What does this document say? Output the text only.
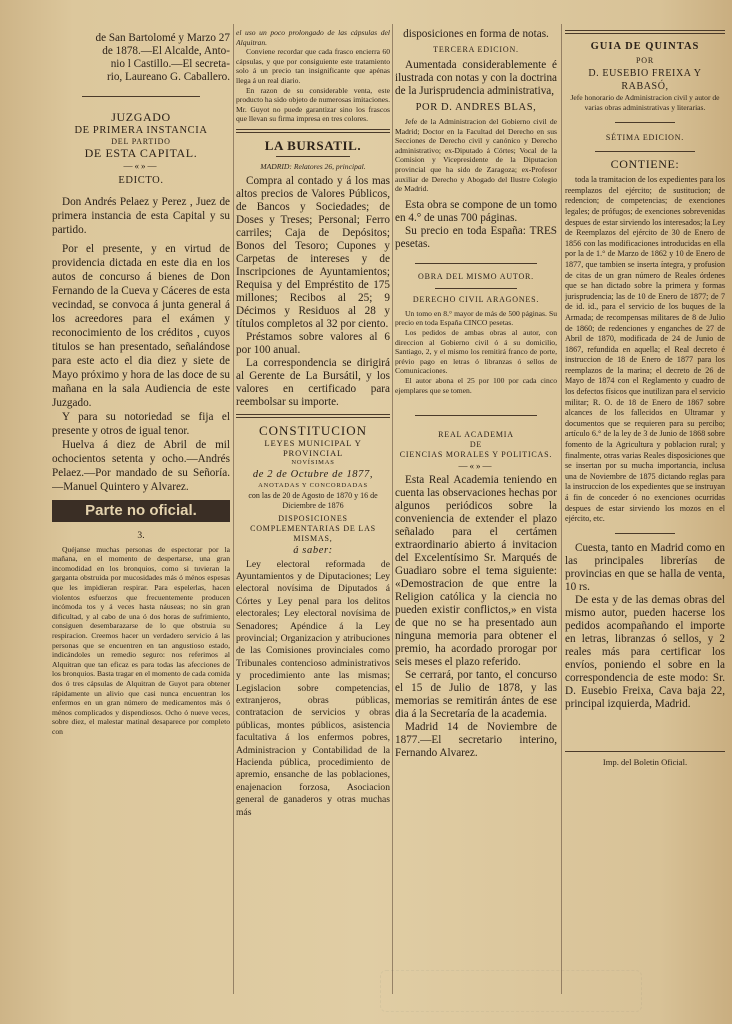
de San Bartolomé y Marzo 27

de 1878.—El Alcalde, Anto-

nio l Castillo.—El secreta-

rio, Laureano G. Caballero.

JUZGADO
DE PRIMERA INSTANCIA
DEL PARTIDO
DE ESTA CAPITAL.
—«»—
EDICTO.

Don Andrés Pelaez y Perez , Juez de primera instancia de esta Capital y su partido.

Por el presente, y en virtud de providencia dictada en este dia en los autos de concurso á bienes de Don Fernando de la Cueva y Cáceres de esta vecindad, se convoca á junta general á los acreedores para el exámen y reconocimiento de los créditos , cuyos titulos se han presentado, señalándose para este acto el dia diez y siete de Mayo próximo y hora de las doce de su mañana en la sala Audiencia de este Juzgado.

Y para su notoriedad se fija el presente y otros de igual tenor.

Huelva á diez de Abril de mil ochocientos setenta y ocho.—Andrés Pelaez.—Por mandado de su Señoría.—Manuel Quintero y Alvarez.

Parte no oficial.
3.

Quéjanse muchas personas de espectorar por la mañana, en el momento de despertarse, una gran incomodidad en los bronquios, como si tuvieran la garganta obstruida por mucosidades más ó ménos espesas que les impidieran respirar. Para espelerlas, hacen violentos esfuerzos que frecuentemente producen incómoda tos y á veces hasta náuseas; no sin gran dificultad, y al cabo de una ó dos horas de sufrimiento, consiguen desembarazarse de lo que obstruia su respiracion. Creemos hacer un verdadero servicio á las personas que se encuentren en tan angustioso estado, indicándoles un remedio seguro: nos referimos al Alquitran que tan eficaz es para todas las afecciones de los bronquios. Basta tragar en el momento de cada comida dos ó tres cápsulas de Alquitran de Guyot para obtener rápidamente un alivio que casi nunca encuentran los enfermos en un gran número de medicamentos más ó ménos complicados y dispendiosos. Ocho ó nueve veces, sobre diez, el malestar matinal desaparece por completo con

el uso un poco prolongado de las cápsulas del Alquitran.

Conviene recordar que cada frasco encierra 60 cápsulas, y que por consiguiente este tratamiento solo á un precio tan insignificante que apénas llega á un real diario.

En razon de su considerable venta, este producto ha sido objeto de numerosas imitaciones. Mr. Guyot no puede garantizar sino los frascos que llevan su firma impresa en tres colores.

LA BURSATIL.

MADRID: Relatores 26, principal.

Compra al contado y á los mas altos precios de Valores Públicos, de Bancos y Sociedades; de Doses y Treses; Personal; Ferro carriles; Caja de Depósitos; Bonos del Tesoro; Cupones y Carpetas de intereses y de Inscripciones de Ayuntamientos; Requisa y del Empréstito de 175 millones; Recibos al 25; 9 Décimos y Residuos al 28 y títulos completos al 32 por ciento.

Préstamos sobre valores al 6 por 100 anual.

La correspondencia se dirigirá al Gerente de La Bursátil, y los valores en certificado para reembolsar su importe.

CONSTITUCION
LEYES MUNICIPAL Y PROVINCIAL
NOVÍSIMAS
de 2 de Octubre de 1877,
ANOTADAS Y CONCORDADAS
con las de 20 de Agosto de 1870 y 16 de Diciembre de 1876
DISPOSICIONES COMPLEMENTARIAS DE LAS MISMAS,
á saber:

Ley electoral reformada de Ayuntamientos y de Diputaciones; Ley electoral novísima de Diputados á Córtes y Ley penal para los delitos electorales; Ley electoral novísima de Senadores; Apéndice á la Ley provincial; Organizacion y atribuciones de las Comisiones provinciales como Tribunales contencioso administrativos y procedimiento ante las mismas; Legislacion sobre competencias, extranjeros, obras públicas, contratacion de servicios y obras públicas, montes públicos, asistencia facultativa á los enfermos pobres, Administracion y Contabilidad de la Hacienda pública, procedimiento de apremio, ensanche de las poblaciones, enajenacion forzosa, Asociacion general de ganaderos y otras muchas más

disposiciones en forma de notas.

TERCERA EDICION.

Aumentada considerablemente é ilustrada con notas y con la doctrina de la Jurisprudencia administrativa,

POR D. ANDRES BLAS,

Jefe de la Administracion del Gobierno civil de Madrid; Doctor en la Facultad del Derecho en sus Secciones de Derecho civil y canónico y Derecho administrativo; ex-Diputado á Córtes; Vocal de la Comision y Vicepresidente de la Diputacion provincial que ha sido de Zaragoza; ex-Profesor auxiliar de Derecho y Abogado del Ilustre Colegio de Madrid.

Esta obra se compone de un tomo en 4.° de unas 700 páginas.

Su precio en toda España: TRES pesetas.

OBRA DEL MISMO AUTOR.
DERECHO CIVIL ARAGONES.

Un tomo en 8.° mayor de más de 500 páginas. Su precio en toda España CINCO pesetas.

Los pedidos de ambas obras al autor, con direccion al Gobierno civil ó á su domicilio, Santiago, 2, y el mismo los remitirá franco de porte, prévio pago en letras ó libranzas ó sellos de Comunicaciones.

El autor abona el 25 por 100 por cada cinco ejemplares que se tomen.

REAL ACADEMIA
DE
CIENCIAS MORALES Y POLITICAS.
—«»—

Esta Real Academia teniendo en cuenta las observaciones hechas por algunos periódicos sobre la conveniencia de extender el plazo señalado para el certámen extraordinario abierto á invitacion del Excelentísimo Sr. Marqués de Guadiaro sobre el tema siguiente: «Demostracion de que entre la Religion católica y la ciencia no pueden existir conflictos,» en vista de que no se ha presentado aun ninguna memoria para obtener el premio, ha acordado prorogar por seis meses el plazo referido.

Se cerrará, por tanto, el concurso el 15 de Julio de 1878, y las memorias se remitirán ántes de ese dia á la Secretaría de la academia.

Madrid 14 de Noviembre de 1877.—El secretario interino, Fernando Alvarez.

GUIA DE QUINTAS
POR
D. EUSEBIO FREIXA Y RABASÓ,

Jefe honorario de Administracion civil y autor de varias obras administrativas y literarias.

SÉTIMA EDICION.
CONTIENE:

toda la tramitacion de los expedientes para los reemplazos del ejército; de sustitucion; de redencion; de competencias; de exenciones legales; de prófugos; de exenciones sobrevenidas despues de estar sirviendo los interesados; la Ley de Reemplazos del ejército de 30 de Enero de 1856 con las modificaciones introducidas en ella por la de 1.° de Marzo de 1862 y 10 de Enero de 1877, que tambien se inserta íntegra, y profusion de citas de un gran número de Reales órdenes que se han dictado sobre la primera y formas jurisprudencia; las de 10 de Enero de 1877; de 7 de id. id., para el servicio de los buques de la Armada; de recompensas militares de 8 de Julio de 1860; de redenciones y enganches de 27 de Abril de 1870, modificada de 24 de Junio de 1867, refundida en aquella; el Real decreto é instruccion de 18 de Enero de 1877 para los reemplazos de la marina; el decreto de 26 de Mayo de 1874 con el Reglamento y cuadro de los defectos físicos que inutilizan para el servicio militar; R. O. de 18 de Enero de 1867 sobre alcances de los fallecidos en Ultramar y documentos que se requieren para su percibo; artículo 6.° de la ley de 3 de Junio de 1868 sobre fomento de la Agricultura y poblacion rural; y finalmente, otras varias Reales disposiciones que se insertan por su mucha importancia, inclusa una de Noviembre de 1875 dictando reglas para la instruccion de los expedientes que se instruyan á fin de conceder ó no exenciones ocurridas despues de estar sirviendo los mozos en el ejército, etc.

Cuesta, tanto en Madrid como en las principales librerías de provincias en que se halla de venta, 10 rs.

De esta y de las demas obras del mismo autor, pueden hacerse los pedidos acompañando el importe en letras, libranzas ó sellos, y 2 reales más para certificar los envíos, poniendo el sobre en la correspondencia de este modo: Sr. D. Eusebio Freixa, Cava baja 22, principal izquierda, Madrid.

Imp. del Boletin Oficial.
